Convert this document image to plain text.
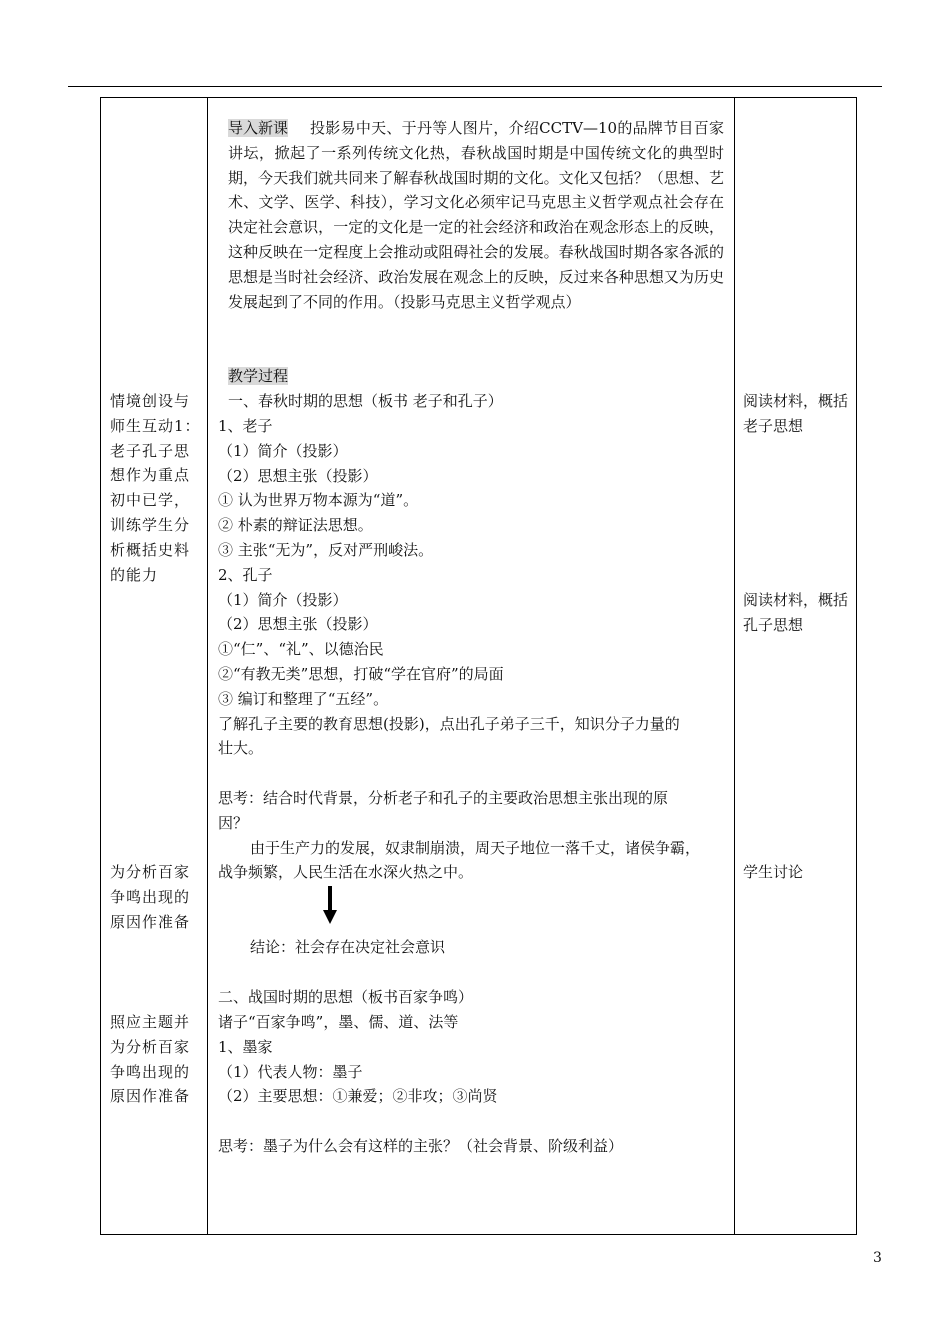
导入新课	投影易中天、于丹等人图片，介绍CCTV—10的品牌节目百家讲坛，掀起了一系列传统文化热，春秋战国时期是中国传统文化的典型时期，今天我们就共同来了解春秋战国时期的文化。文化又包括？（思想、艺术、文学、医学、科技），学习文化必须牢记马克思主义哲学观点社会存在决定社会意识，一定的文化是一定的社会经济和政治在观念形态上的反映，这种反映在一定程度上会推动或阻碍社会的发展。春秋战国时期各家各派的思想是当时社会经济、政治发展在观念上的反映，反过来各种思想又为历史发展起到了不同的作用。（投影马克思主义哲学观点）
教学过程
一、春秋时期的思想（板书 老子和孔子）
1、老子
（1）简介（投影）
（2）思想主张（投影）
① 认为世界万物本源为“道”。
② 朴素的辩证法思想。
③ 主张“无为”，反对严刑峻法。
2、孔子
（1）简介（投影）
（2）思想主张（投影）
①“仁”、“礼”、以德治民
②“有教无类”思想，打破“学在官府”的局面
③ 编订和整理了“五经”。
了解孔子主要的教育思想(投影)，点出孔子弟子三千，知识分子力量的
壮大。
思考：结合时代背景，分析老子和孔子的主要政治思想主张出现的原
因？
由于生产力的发展，奴隶制崩溃，周天子地位一落千丈，诸侯争霸，
战争频繁，人民生活在水深火热之中。
结论：社会存在决定社会意识
二、战国时期的思想（板书百家争鸣）
诸子“百家争鸣”，墨、儒、道、法等
1、墨家
（1）代表人物：墨子
（2）主要思想：①兼爱；②非攻；③尚贤
思考：墨子为什么会有这样的主张？（社会背景、阶级利益）
情境创设与师生互动1：老子孔子思想作为重点初中已学，训练学生分析概括史料的能力
为分析百家争鸣出现的原因作准备
照应主题并为分析百家争鸣出现的原因作准备
阅读材料，概括老子思想
阅读材料，概括孔子思想
学生讨论
3
